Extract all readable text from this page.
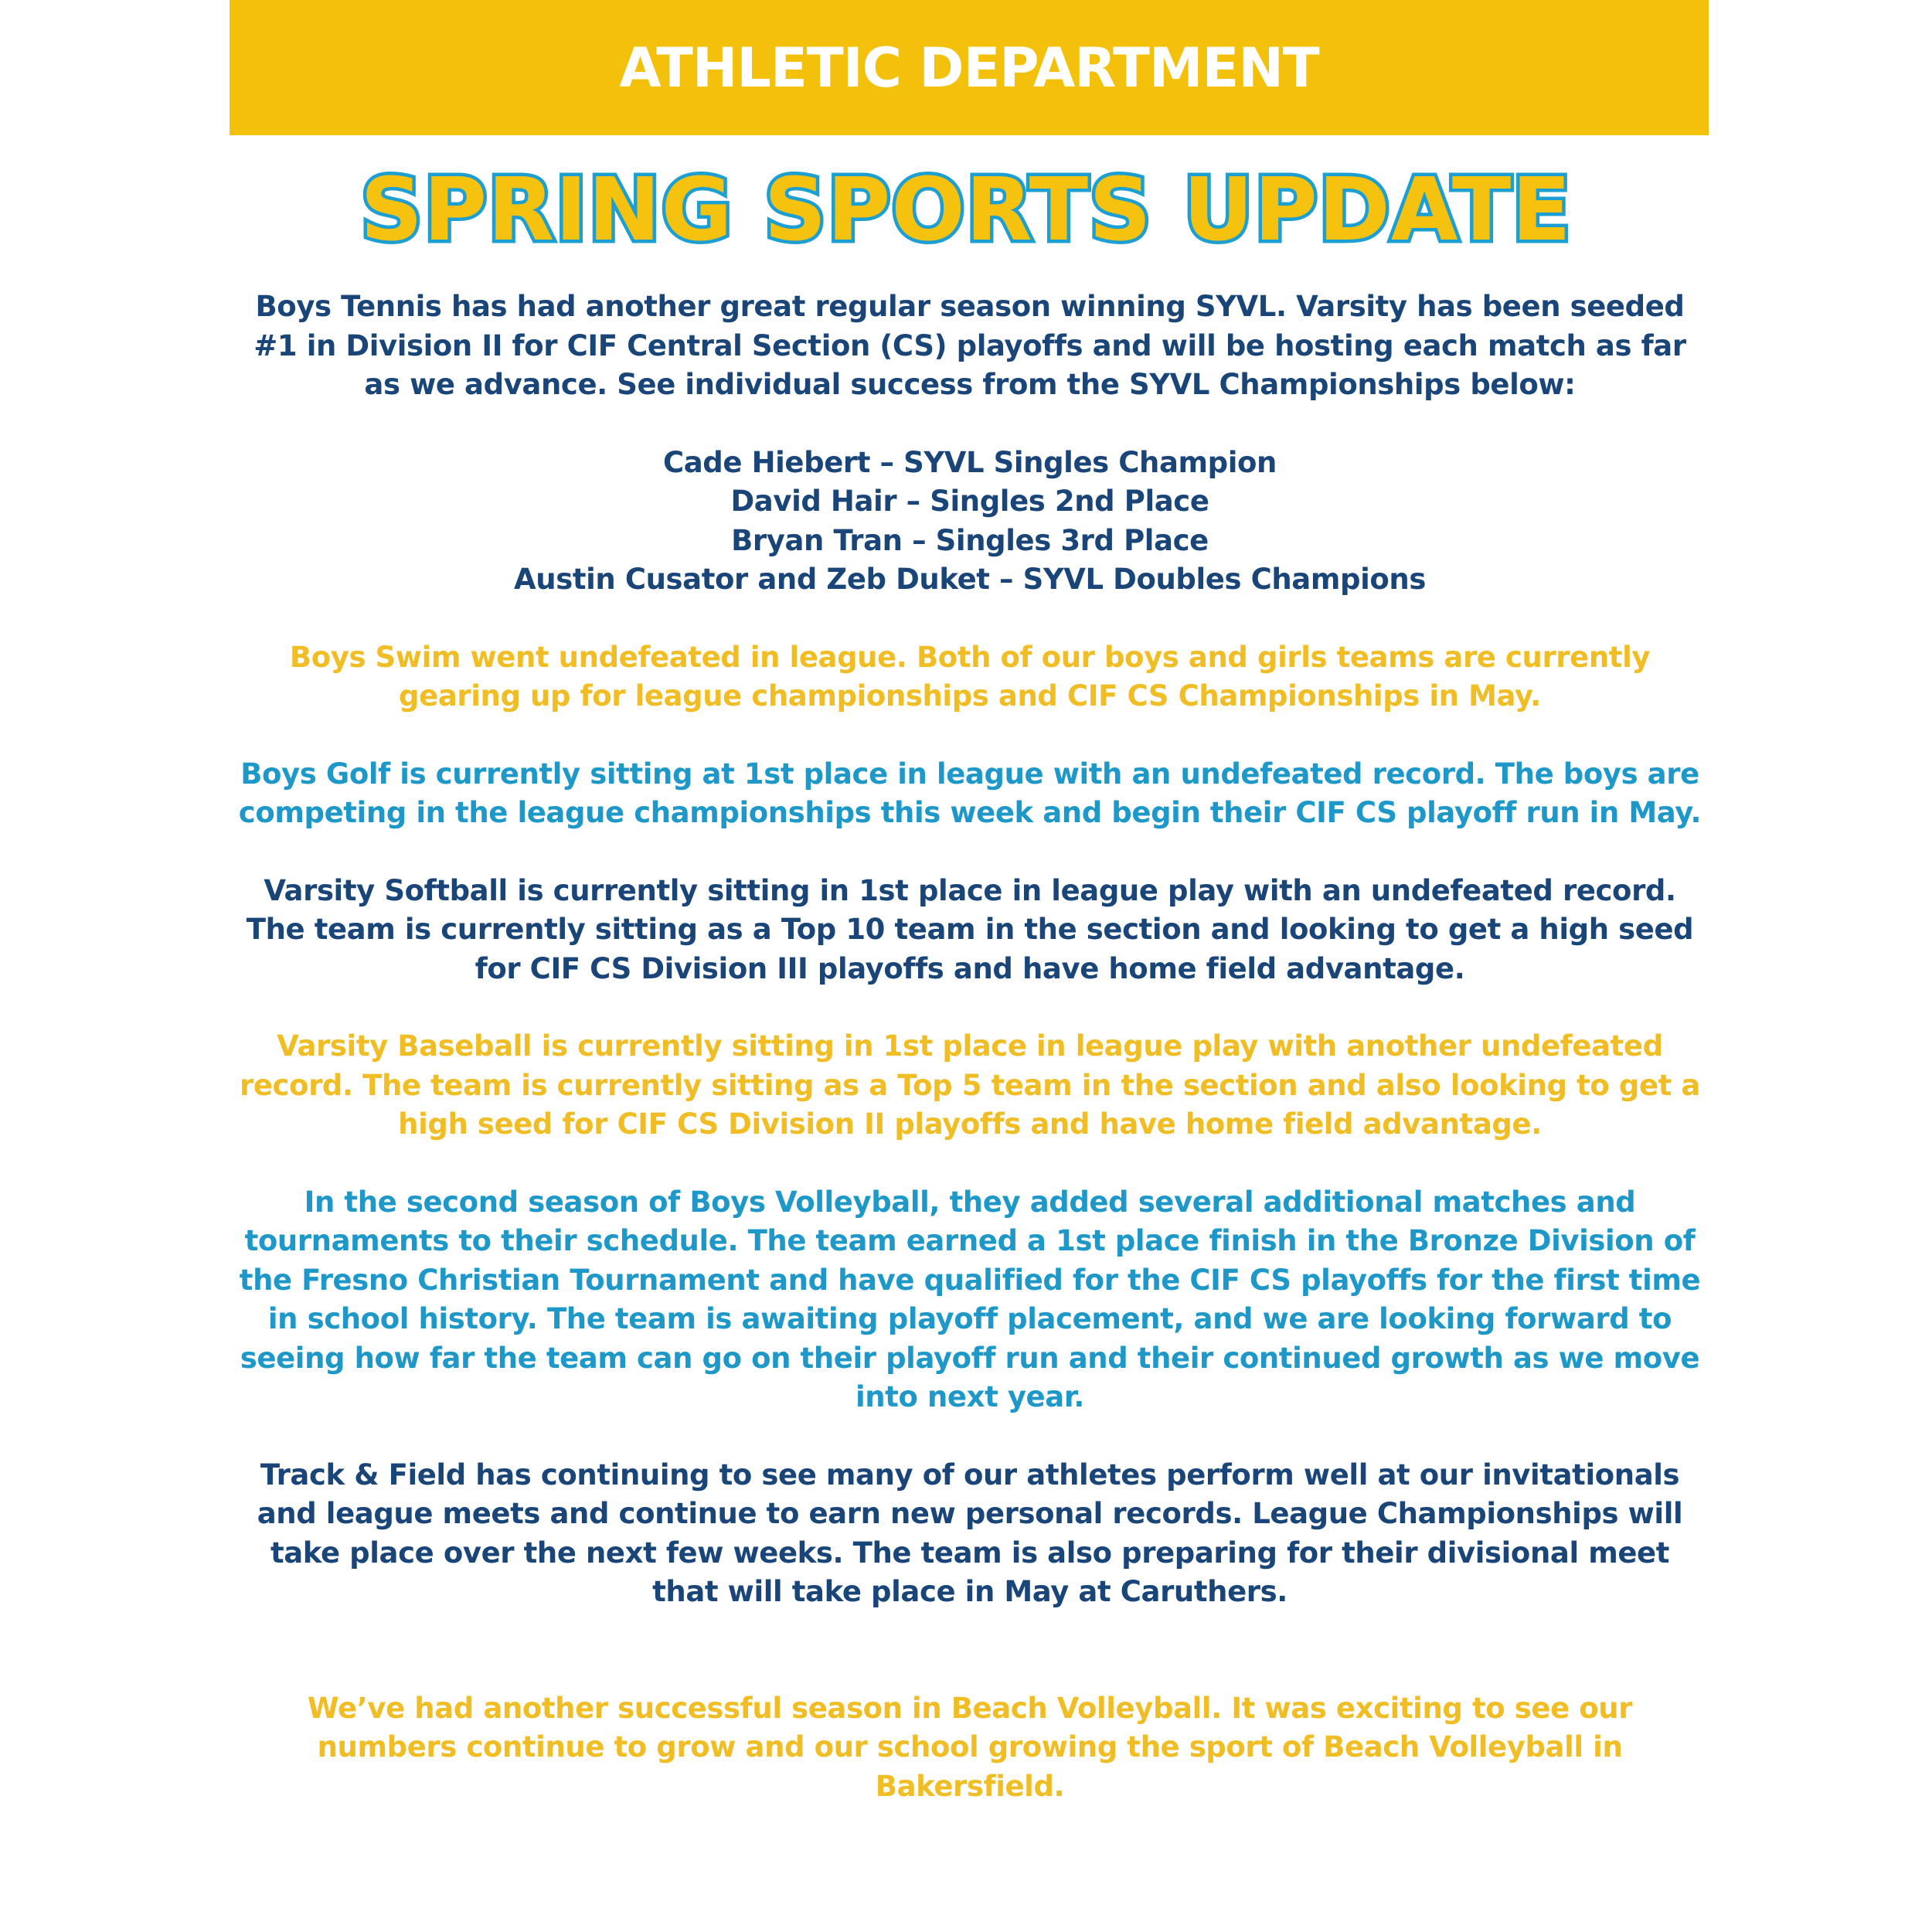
ATHLETIC DEPARTMENT
SPRING SPORTS UPDATE

Boys Tennis has had another great regular season winning SYVL. Varsity has been seeded #1 in Division II for CIF Central Section (CS) playoffs and will be hosting each match as far as we advance. See individual success from the SYVL Championships below:

Cade Hiebert – SYVL Singles Champion
David Hair – Singles 2nd Place
Bryan Tran – Singles 3rd Place
Austin Cusator and Zeb Duket – SYVL Doubles Champions

Boys Swim went undefeated in league. Both of our boys and girls teams are currently gearing up for league championships and CIF CS Championships in May.

Boys Golf is currently sitting at 1st place in league with an undefeated record. The boys are competing in the league championships this week and begin their CIF CS playoff run in May.

Varsity Softball is currently sitting in 1st place in league play with an undefeated record. The team is currently sitting as a Top 10 team in the section and looking to get a high seed for CIF CS Division III playoffs and have home field advantage.

Varsity Baseball is currently sitting in 1st place in league play with another undefeated record. The team is currently sitting as a Top 5 team in the section and also looking to get a high seed for CIF CS Division II playoffs and have home field advantage.

In the second season of Boys Volleyball, they added several additional matches and tournaments to their schedule. The team earned a 1st place finish in the Bronze Division of the Fresno Christian Tournament and have qualified for the CIF CS playoffs for the first time in school history. The team is awaiting playoff placement, and we are looking forward to seeing how far the team can go on their playoff run and their continued growth as we move into next year.

Track & Field has continuing to see many of our athletes perform well at our invitationals and league meets and continue to earn new personal records. League Championships will take place over the next few weeks. The team is also preparing for their divisional meet that will take place in May at Caruthers.

We’ve had another successful season in Beach Volleyball. It was exciting to see our numbers continue to grow and our school growing the sport of Beach Volleyball in Bakersfield.
